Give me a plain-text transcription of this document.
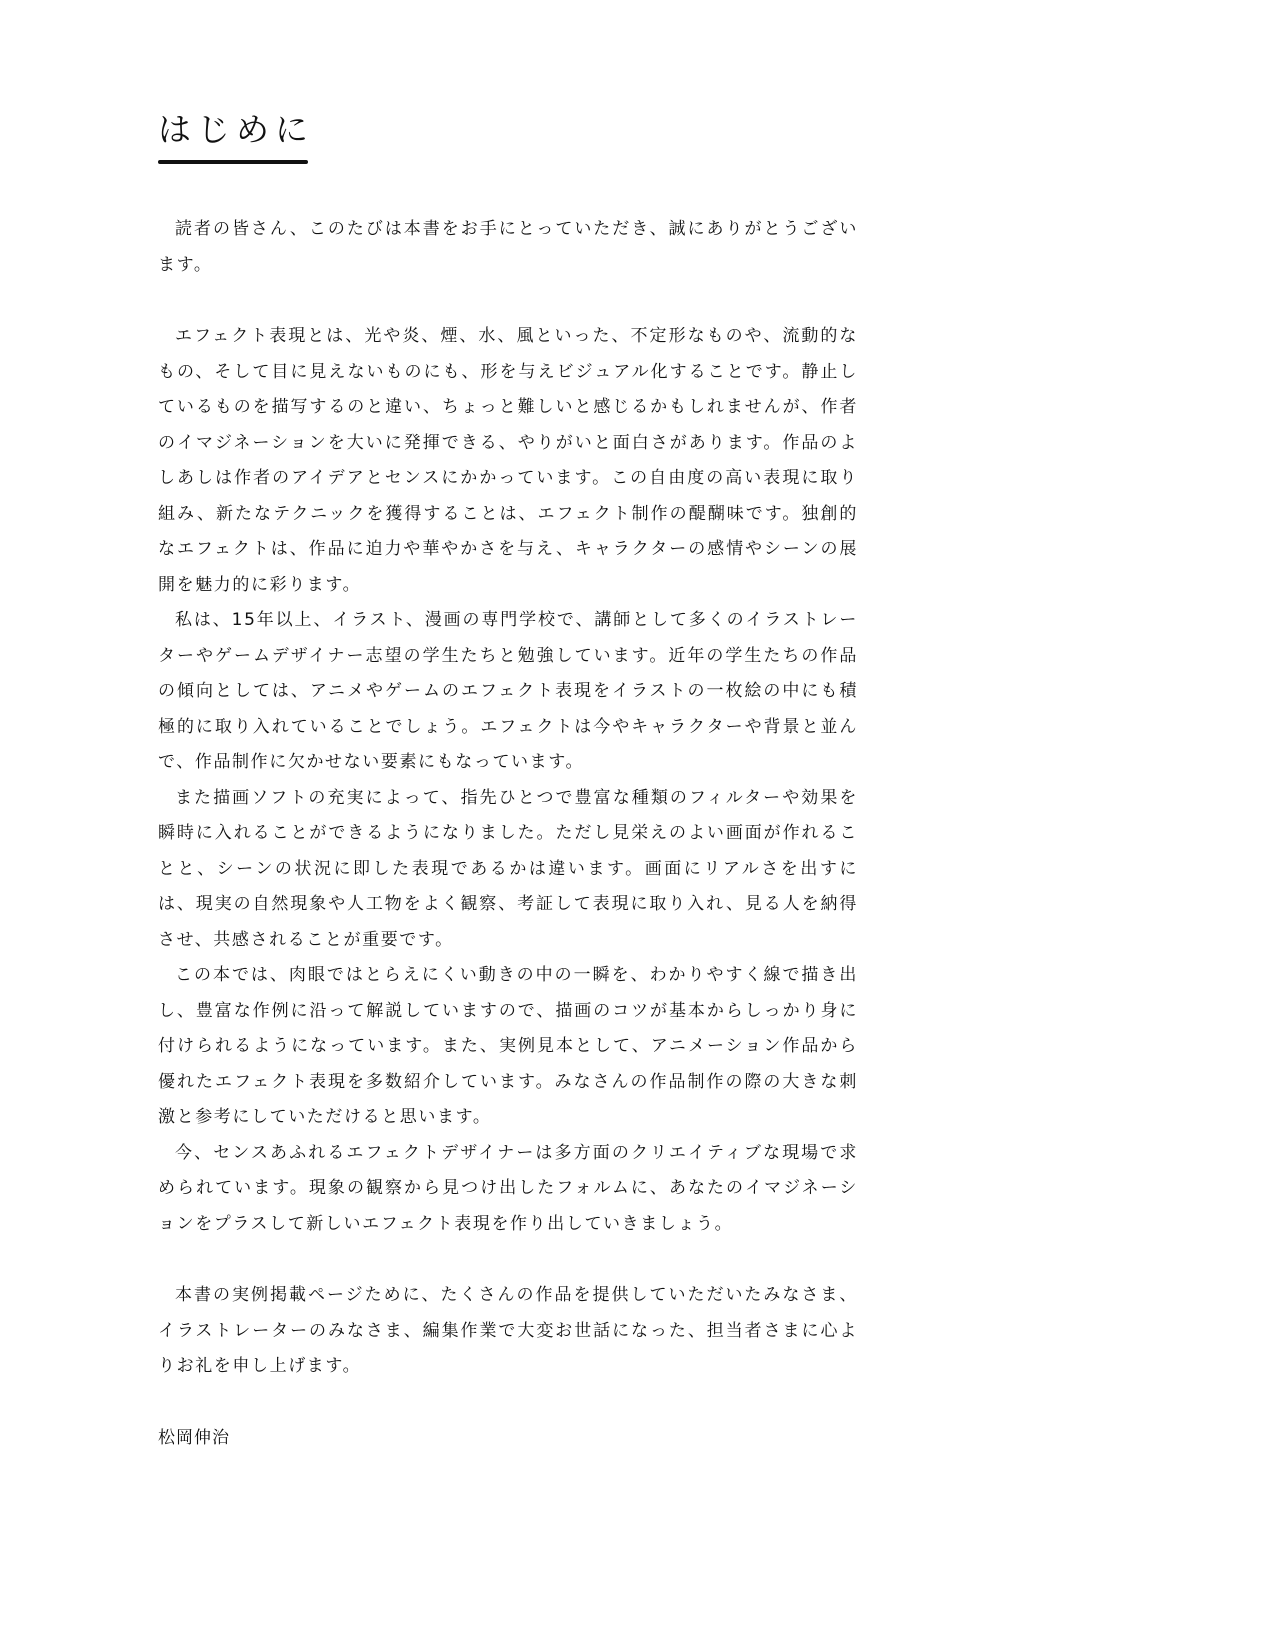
はじめに

読者の皆さん、このたびは本書をお手にとっていただき、誠にありがとうございます。

エフェクト表現とは、光や炎、煙、水、風といった、不定形なものや、流動的なもの、そして目に見えないものにも、形を与えビジュアル化することです。静止しているものを描写するのと違い、ちょっと難しいと感じるかもしれませんが、作者のイマジネーションを大いに発揮できる、やりがいと面白さがあります。作品のよしあしは作者のアイデアとセンスにかかっています。この自由度の高い表現に取り組み、新たなテクニックを獲得することは、エフェクト制作の醍醐味です。独創的なエフェクトは、作品に迫力や華やかさを与え、キャラクターの感情やシーンの展開を魅力的に彩ります。

私は、15年以上、イラスト、漫画の専門学校で、講師として多くのイラストレーターやゲームデザイナー志望の学生たちと勉強しています。近年の学生たちの作品の傾向としては、アニメやゲームのエフェクト表現をイラストの一枚絵の中にも積極的に取り入れていることでしょう。エフェクトは今やキャラクターや背景と並んで、作品制作に欠かせない要素にもなっています。

また描画ソフトの充実によって、指先ひとつで豊富な種類のフィルターや効果を瞬時に入れることができるようになりました。ただし見栄えのよい画面が作れることと、シーンの状況に即した表現であるかは違います。画面にリアルさを出すには、現実の自然現象や人工物をよく観察、考証して表現に取り入れ、見る人を納得させ、共感されることが重要です。

この本では、肉眼ではとらえにくい動きの中の一瞬を、わかりやすく線で描き出し、豊富な作例に沿って解説していますので、描画のコツが基本からしっかり身に付けられるようになっています。また、実例見本として、アニメーション作品から優れたエフェクト表現を多数紹介しています。みなさんの作品制作の際の大きな刺激と参考にしていただけると思います。

今、センスあふれるエフェクトデザイナーは多方面のクリエイティブな現場で求められています。現象の観察から見つけ出したフォルムに、あなたのイマジネーションをプラスして新しいエフェクト表現を作り出していきましょう。

本書の実例掲載ページために、たくさんの作品を提供していただいたみなさま、イラストレーターのみなさま、編集作業で大変お世話になった、担当者さまに心よりお礼を申し上げます。

松岡伸治
